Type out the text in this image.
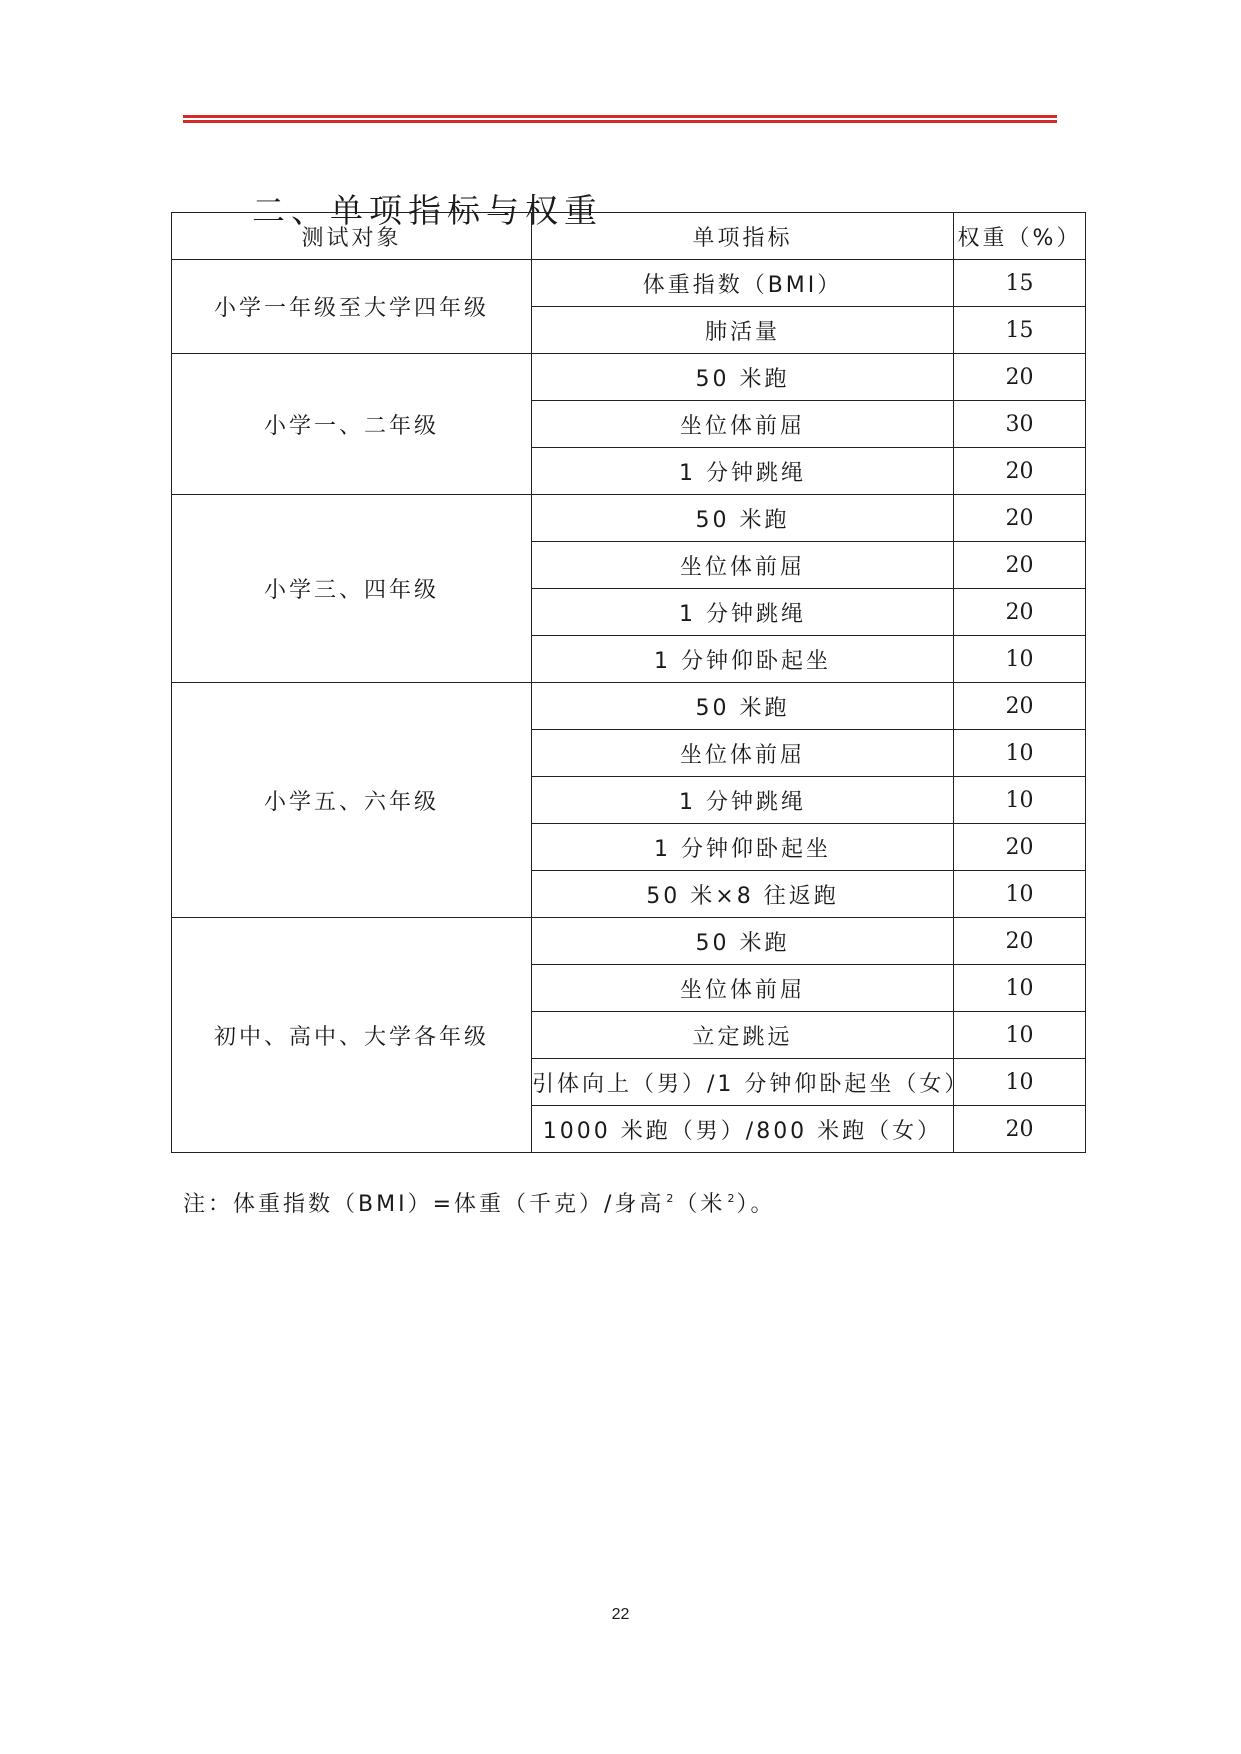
二、单项指标与权重
测试对象	单项指标	权重（%）
小学一年级至大学四年级	体重指数（BMI）	15
	肺活量	15
小学一、二年级	50 米跑	20
	坐位体前屈	30
	1 分钟跳绳	20
小学三、四年级	50 米跑	20
	坐位体前屈	20
	1 分钟跳绳	20
	1 分钟仰卧起坐	10
小学五、六年级	50 米跑	20
	坐位体前屈	10
	1 分钟跳绳	10
	1 分钟仰卧起坐	20
	50 米×8 往返跑	10
初中、高中、大学各年级	50 米跑	20
	坐位体前屈	10
	立定跳远	10
	引体向上（男）/1 分钟仰卧起坐（女）	10
	1000 米跑（男）/800 米跑（女）	20
注：体重指数（BMI）=体重（千克）/身高 $^2$（米 $^2$）。
22
